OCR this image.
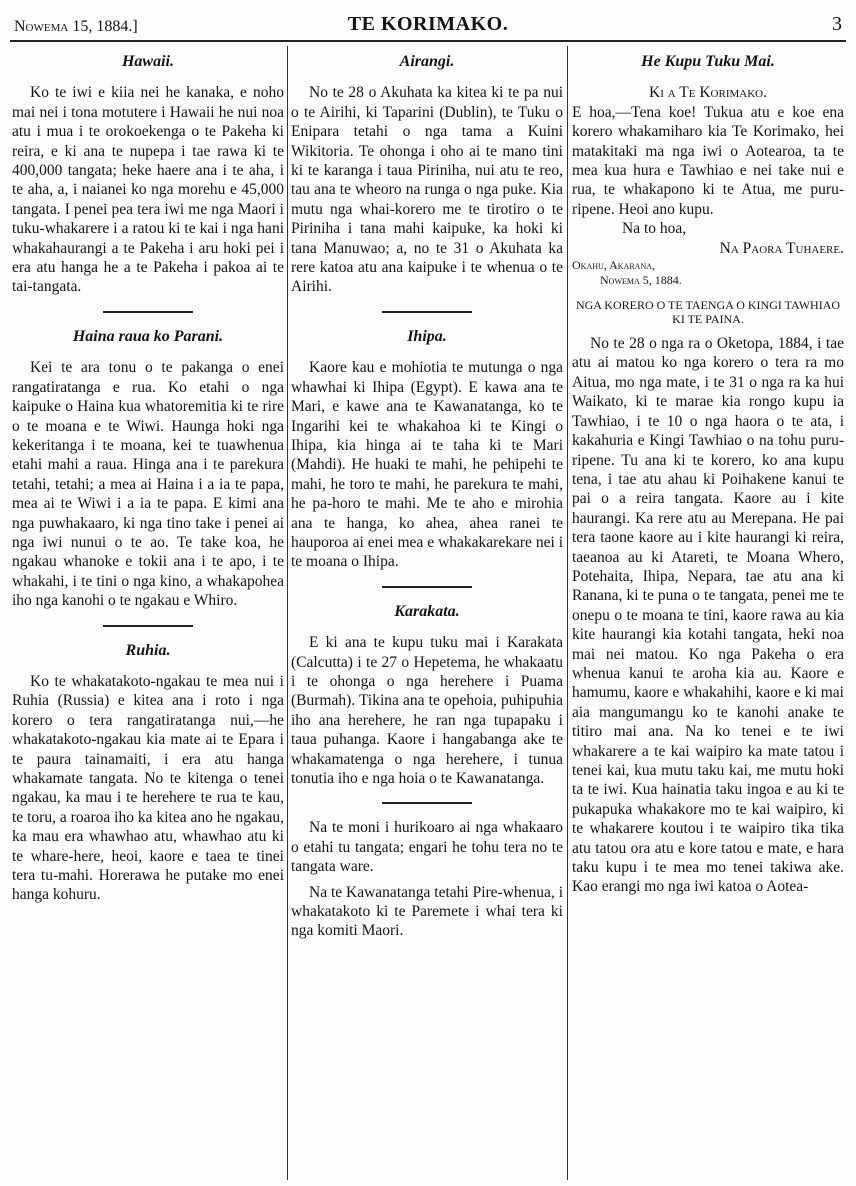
Nowema 15, 1884.]	TE KORIMAKO.	3
Hawaii.

Ko te iwi e kiia nei he kanaka, e noho mai nei i tona motutere i Hawaii he nui noa atu i mua i te orokoekenga o te Pakeha ki reira, e ki ana te nupepa i tae rawa ki te 400,000 tangata; heke haere ana i te aha, i te aha, a, i naianei ko nga morehu e 45,000 tangata. I penei pea tera iwi me nga Maori i tuku-whakarere i a ratou ki te kai i nga hani whakahaurangi a te Pakeha i aru hoki pei i era atu hanga he a te Pakeha i pakoa ai te tai-tangata.

Haina raua ko Parani.

Kei te ara tonu o te pakanga o enei rangatiratanga e rua. Ko etahi o nga kaipuke o Haina kua whatoremitia ki te rire o te moana e te Wiwi. Haunga hoki nga kekeritanga i te moana, kei te tuawhenua etahi mahi a raua. Hinga ana i te parekura tetahi, tetahi; a mea ai Haina i a ia te papa, mea ai te Wiwi i a ia te papa. E kimi ana nga puwhakaaro, ki nga tino take i penei ai nga iwi nunui o te ao. Te take koa, he ngakau whanoke e tokii ana i te apo, i te whakahi, i te tini o nga kino, a whakapohea iho nga kanohi o te ngakau e Whiro.

Ruhia.

Ko te whakatakoto-ngakau te mea nui i Ruhia (Russia) e kitea ana i roto i nga korero o tera rangatiratanga nui,—he whakatakoto-ngakau kia mate ai te Epara i te paura tainamaiti, i era atu hanga whakamate tangata. No te kitenga o tenei ngakau, ka mau i te herehere te rua te kau, te toru, a roaroa iho ka kitea ano he ngakau, ka mau era whawhao atu, whawhao atu ki te whare-here, heoi, kaore e taea te tinei tera tu-mahi. Horerawa he putake mo enei hanga kohuru.

Airangi.

No te 28 o Akuhata ka kitea ki te pa nui o te Airihi, ki Taparini (Dublin), te Tuku o Enipara tetahi o nga tama a Kuini Wikitoria. Te ohonga i oho ai te mano tini ki te karanga i taua Piriniha, nui atu te reo, tau ana te wheoro na runga o nga puke. Kia mutu nga whai-korero me te tirotiro o te Piriniha i tana mahi kaipuke, ka hoki ki tana Manuwao; a, no te 31 o Akuhata ka rere katoa atu ana kaipuke i te whenua o te Airihi.

Ihipa.

Kaore kau e mohiotia te mutunga o nga whawhai ki Ihipa (Egypt). E kawa ana te Mari, e kawe ana te Kawanatanga, ko te Ingarihi kei te whakahoa ki te Kingi o Ihipa, kia hinga ai te taha ki te Mari (Mahdi). He huaki te mahi, he pehipehi te mahi, he toro te mahi, he parekura te mahi, he pa-horo te mahi. Me te aho e mirohia ana te hanga, ko ahea, ahea ranei te hauporoa ai enei mea e whakakarekare nei i te moana o Ihipa.

Karakata.

E ki ana te kupu tuku mai i Karakata (Calcutta) i te 27 o Hepetema, he whakaatu i te ohonga o nga herehere i Puama (Burmah). Tikina ana te opehoia, puhipuhia iho ana herehere, he ran nga tupapaku i taua puhanga. Kaore i hangabanga ake te whakamatenga o nga herehere, i tunua tonutia iho e nga hoia o te Kawanatanga.

Na te moni i hurikoaro ai nga whakaaro o etahi tu tangata; engari he tohu tera no te tangata ware.

Na te Kawanatanga tetahi Pire-whenua, i whakatakoto ki te Paremete i whai tera ki nga komiti Maori.

He Kupu Tuku Mai.

Ki a Te Korimako.

E hoa,—Tena koe! Tukua atu e koe ena korero whakamiharo kia Te Korimako, hei matakitaki ma nga iwi o Aotearoa, ta te mea kua hura e Tawhiao e nei take nui e rua, te whakapono ki te Atua, me puru-ripene. Heoi ano kupu.

Na to hoa,

Na Paora Tuhaere.

Okahu, Akarana,

Nowema 5, 1884.

NGA KORERO O TE TAENGA O KINGI TAWHIAO KI TE PAINA.

No te 28 o nga ra o Oketopa, 1884, i tae atu ai matou ko nga korero o tera ra mo Aitua, mo nga mate, i te 31 o nga ra ka hui Waikato, ki te marae kia rongo kupu ia Tawhiao, i te 10 o nga haora o te ata, i kakahuria e Kingi Tawhiao o na tohu puru-ripene. Tu ana ki te korero, ko ana kupu tena, i tae atu ahau ki Poihakene kanui te pai o a reira tangata. Kaore au i kite haurangi. Ka rere atu au Merepana. He pai tera taone kaore au i kite haurangi ki reira, taeanoa au ki Atareti, te Moana Whero, Potehaita, Ihipa, Nepara, tae atu ana ki Ranana, ki te puna o te tangata, penei me te onepu o te moana te tini, kaore rawa au kia kite haurangi kia kotahi tangata, heki noa mai nei matou. Ko nga Pakeha o era whenua kanui te aroha kia au. Kaore e hamumu, kaore e whakahihi, kaore e ki mai aia mangumangu ko te kanohi anake te titiro mai ana. Na ko tenei e te iwi whakarere a te kai waipiro ka mate tatou i tenei kai, kua mutu taku kai, me mutu hoki ta te iwi. Kua hainatia taku ingoa e au ki te pukapuka whakakore mo te kai waipiro, ki te whakarere koutou i te waipiro tika tika atu tatou ora atu e kore tatou e mate, e hara taku kupu i te mea mo tenei takiwa ake. Kao erangi mo nga iwi katoa o Aotea-
